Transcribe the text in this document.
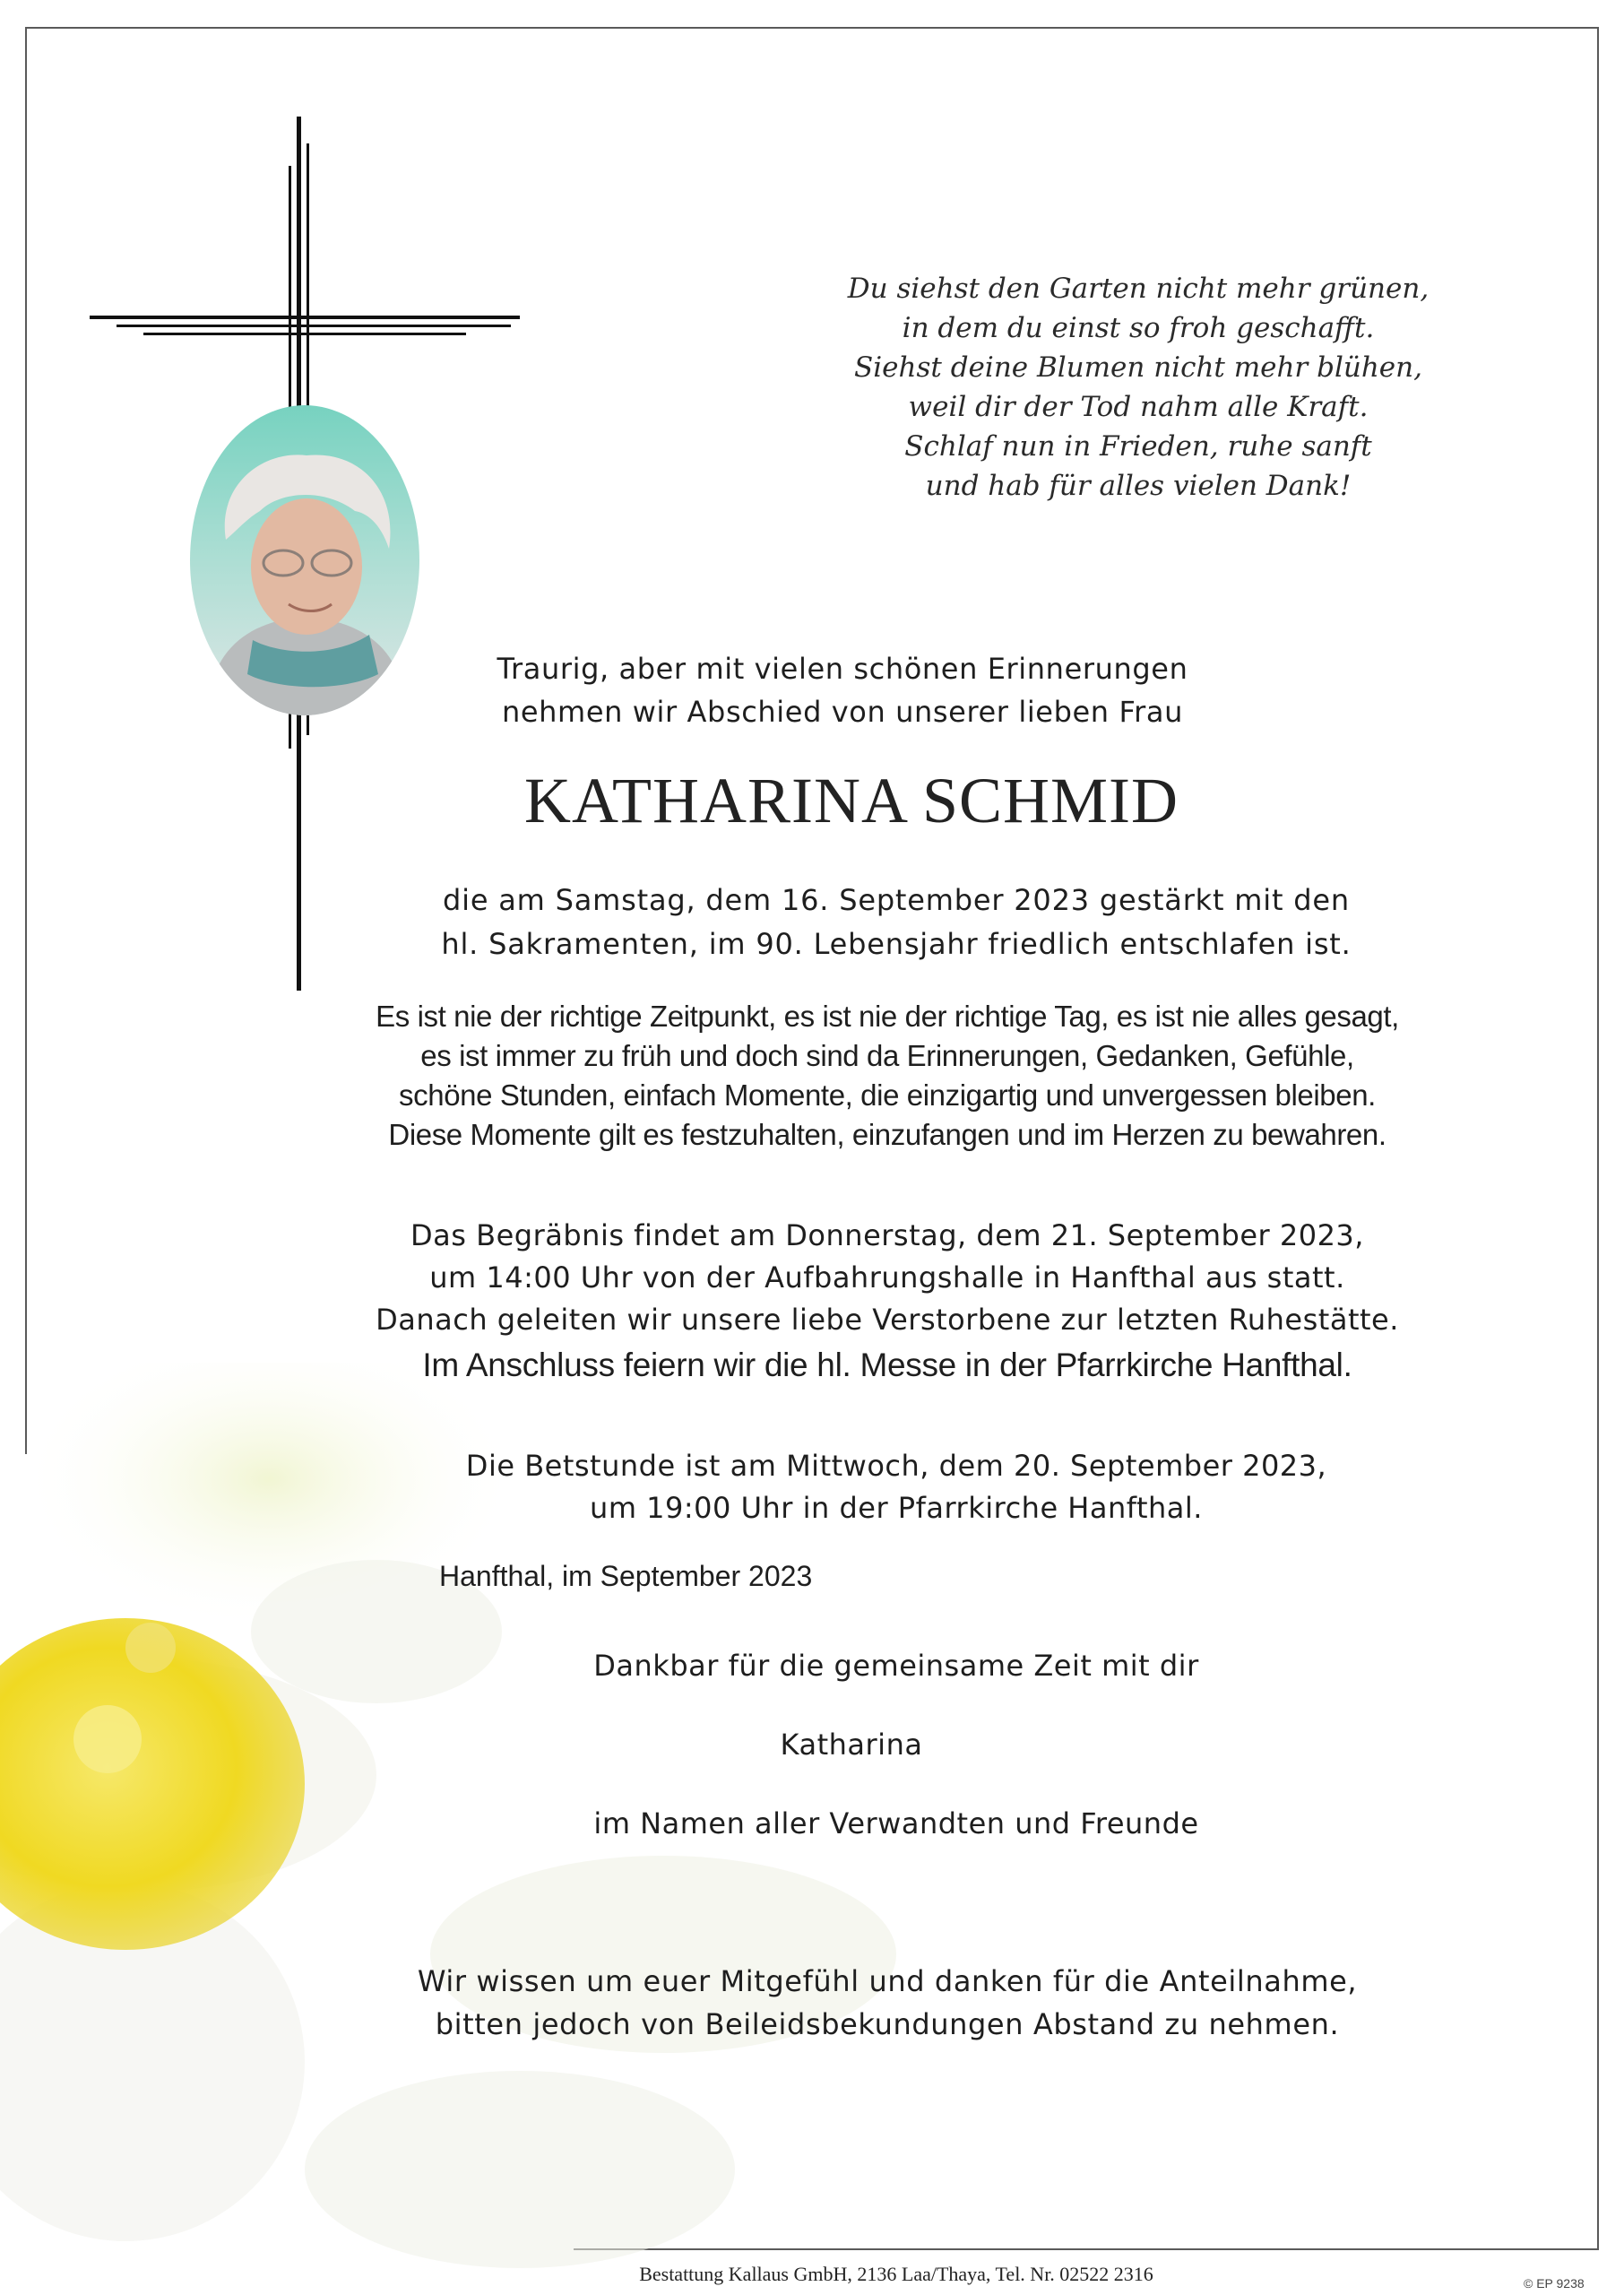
Du siehst den Garten nicht mehr grünen,
in dem du einst so froh geschafft.
Siehst deine Blumen nicht mehr blühen,
weil dir der Tod nahm alle Kraft.
Schlaf nun in Frieden, ruhe sanft
und hab für alles vielen Dank!
Traurig, aber mit vielen schönen Erinnerungen
nehmen wir Abschied von unserer lieben Frau
KATHARINA SCHMID
die am Samstag, dem 16. September 2023 gestärkt mit den
hl. Sakramenten, im 90. Lebensjahr friedlich entschlafen ist.
Es ist nie der richtige Zeitpunkt, es ist nie der richtige Tag, es ist nie alles gesagt,
es ist immer zu früh und doch sind da Erinnerungen, Gedanken, Gefühle,
schöne Stunden, einfach Momente, die einzigartig und unvergessen bleiben.
Diese Momente gilt es festzuhalten, einzufangen und im Herzen zu bewahren.
Das Begräbnis findet am Donnerstag, dem 21. September 2023,
um 14:00 Uhr von der Aufbahrungshalle in Hanfthal aus statt.
Danach geleiten wir unsere liebe Verstorbene zur letzten Ruhestätte.
Im Anschluss feiern wir die hl. Messe in der Pfarrkirche Hanfthal.
Die Betstunde ist am Mittwoch, dem 20. September 2023,
um 19:00 Uhr in der Pfarrkirche Hanfthal.
Hanfthal, im September 2023
Dankbar für die gemeinsame Zeit mit dir
Katharina
im Namen aller Verwandten und Freunde
Wir wissen um euer Mitgefühl und danken für die Anteilnahme,
bitten jedoch von Beileidsbekundungen Abstand zu nehmen.
Bestattung Kallaus GmbH, 2136 Laa/Thaya, Tel. Nr. 02522 2316	© EP 9238
